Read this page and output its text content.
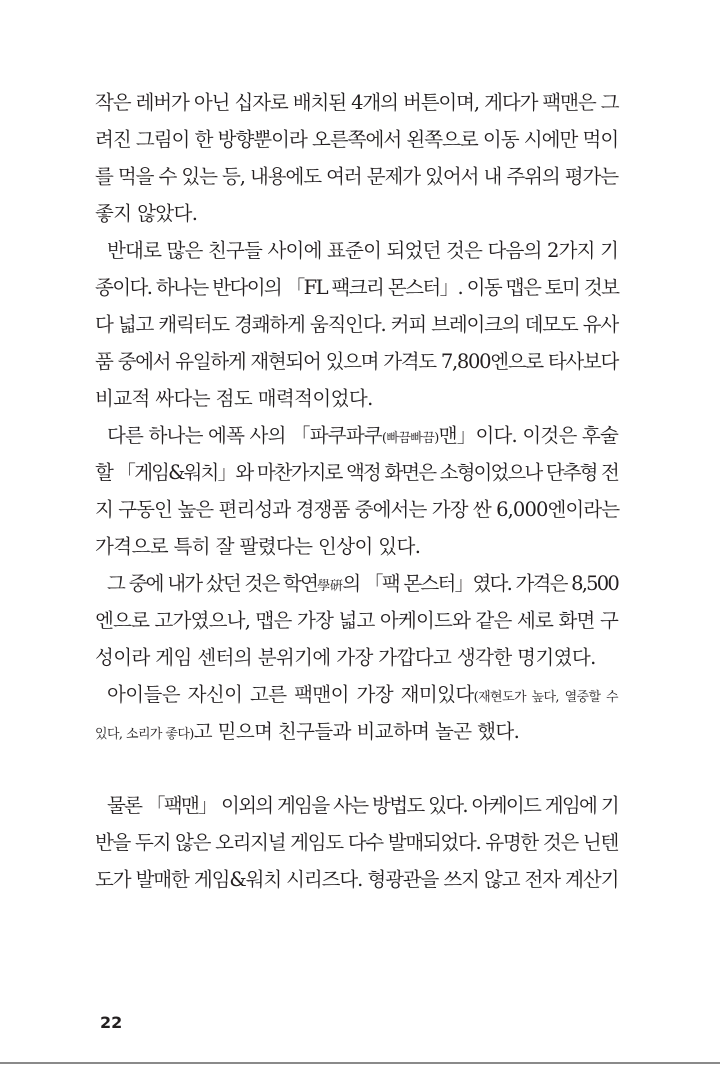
작은 레버가 아닌 십자로 배치된 4개의 버튼이며, 게다가 팩맨은 그
려진 그림이 한 방향뿐이라 오른쪽에서 왼쪽으로 이동 시에만 먹이
를 먹을 수 있는 등, 내용에도 여러 문제가 있어서 내 주위의 평가는
좋지 않았다.
반대로 많은 친구들 사이에 표준이 되었던 것은 다음의 2가지 기
종이다. 하나는 반다이의 「FL 팩크리 몬스터」. 이동 맵은 토미 것보
다 넓고 캐릭터도 경쾌하게 움직인다. 커피 브레이크의 데모도 유사
품 중에서 유일하게 재현되어 있으며 가격도 7,800엔으로 타사보다
비교적 싸다는 점도 매력적이었다.
다른 하나는 에폭 사의 「파쿠파쿠(빠끔빠끔)맨」이다. 이것은 후술
할 「게임&워치」와 마찬가지로 액정 화면은 소형이었으나 단추형 전
지 구동인 높은 편리성과 경쟁품 중에서는 가장 싼 6,000엔이라는
가격으로 특히 잘 팔렸다는 인상이 있다.
그 중에 내가 샀던 것은 학연學硏의 「팩 몬스터」였다. 가격은 8,500
엔으로 고가였으나, 맵은 가장 넓고 아케이드와 같은 세로 화면 구
성이라 게임 센터의 분위기에 가장 가깝다고 생각한 명기였다.
아이들은 자신이 고른 팩맨이 가장 재미있다(재현도가 높다, 열중할 수
있다, 소리가 좋다)고 믿으며 친구들과 비교하며 놀곤 했다.
물론 「팩맨」 이외의 게임을 사는 방법도 있다. 아케이드 게임에 기
반을 두지 않은 오리지널 게임도 다수 발매되었다. 유명한 것은 닌텐
도가 발매한 게임&워치 시리즈다. 형광관을 쓰지 않고 전자 계산기
22
